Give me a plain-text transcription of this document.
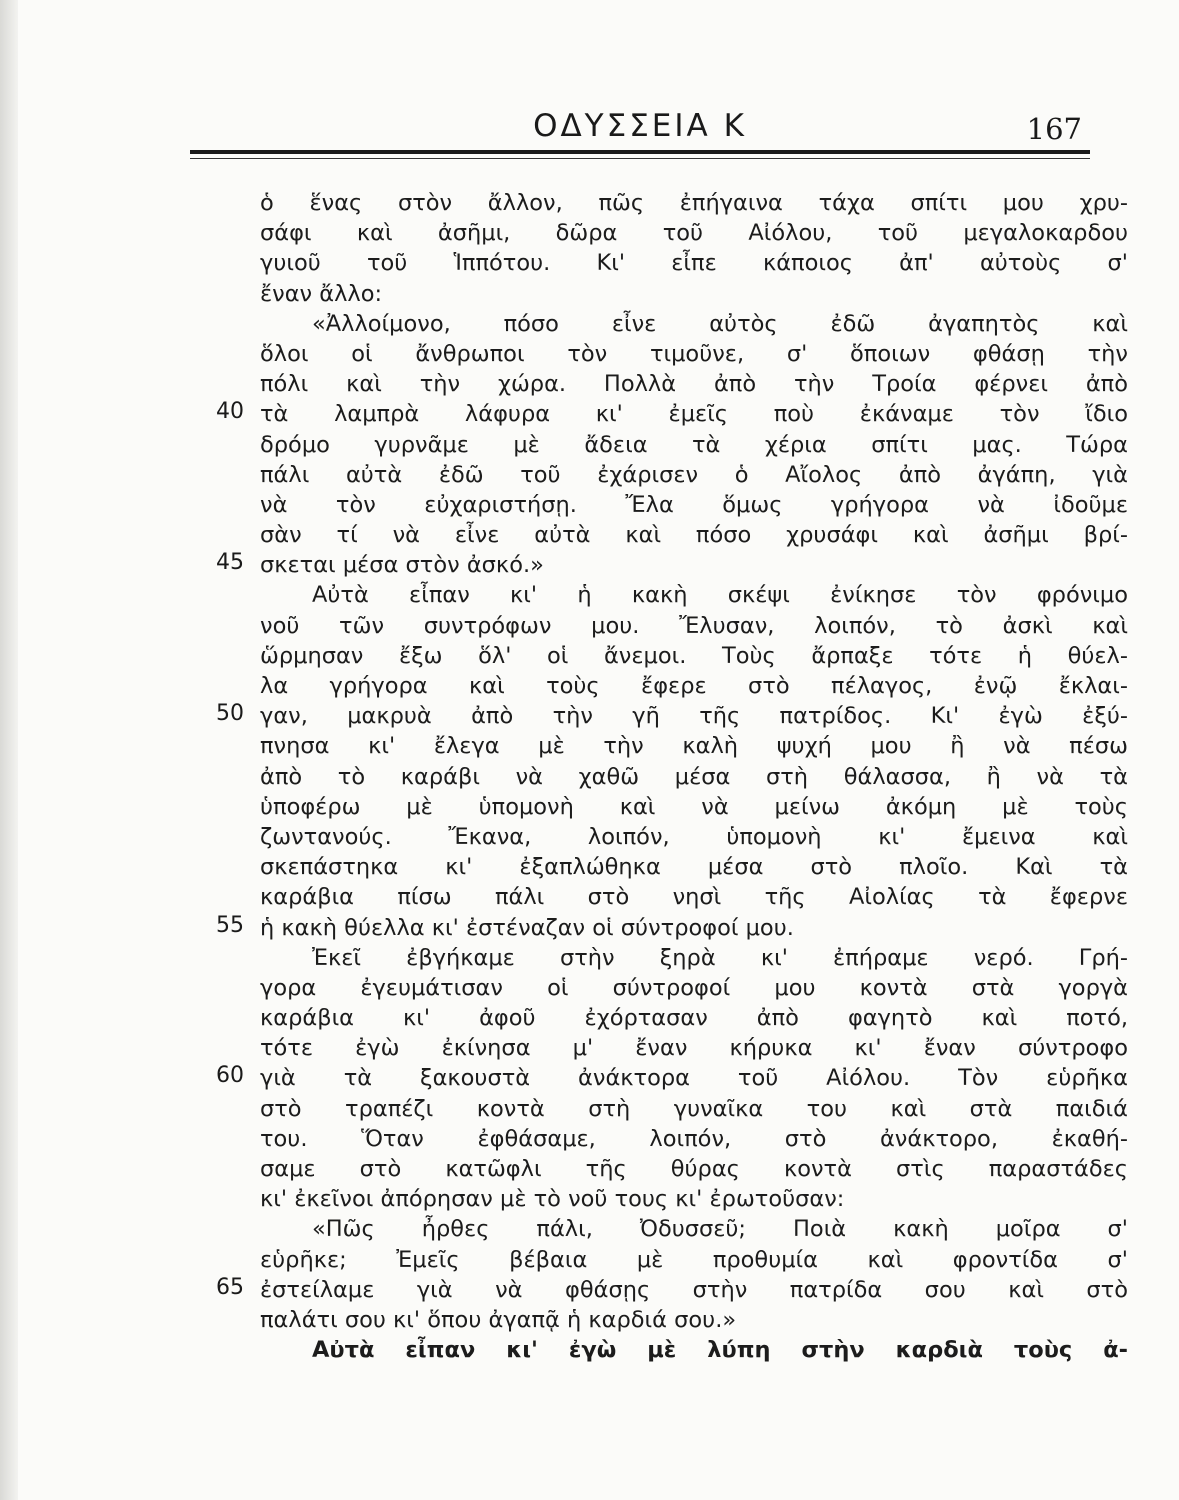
ΟΔΥΣΣΕΙΑ Κ	167
ὁ ἕνας στὸν ἄλλον, πῶς ἐπήγαινα τάχα σπίτι μου χρυ-
σάφι καὶ ἀσῆμι, δῶρα τοῦ Αἰόλου, τοῦ μεγαλοκαρδου
γυιοῦ τοῦ Ἱππότου. Κι' εἶπε κάποιος ἀπ' αὐτοὺς σ'
ἔναν ἄλλο:
«Ἀλλοίμονο, πόσο εἶνε αὐτὸς ἐδῶ ἀγαπητὸς καὶ
ὅλοι οἱ ἄνθρωποι τὸν τιμοῦνε, σ' ὅποιων φθάσῃ τὴν
πόλι καὶ τὴν χώρα. Πολλὰ ἀπὸ τὴν Τροία φέρνει ἀπὸ
40 τὰ λαμπρὰ λάφυρα κι' ἐμεῖς ποὺ ἐκάναμε τὸν ἴδιο
δρόμο γυρνᾶμε μὲ ἄδεια τὰ χέρια σπίτι μας. Τώρα
πάλι αὐτὰ ἐδῶ τοῦ ἐχάρισεν ὁ Αἴολος ἀπὸ ἀγάπη, γιὰ
νὰ τὸν εὐχαριστήσῃ. Ἔλα ὅμως γρήγορα νὰ ἰδοῦμε
σὰν τί νὰ εἶνε αὐτὰ καὶ πόσο χρυσάφι καὶ ἀσῆμι βρί-
45 σκεται μέσα στὸν ἀσκό.»
Αὐτὰ εἶπαν κι' ἡ κακὴ σκέψι ἐνίκησε τὸν φρόνιμο
νοῦ τῶν συντρόφων μου. Ἔλυσαν, λοιπόν, τὸ ἀσκὶ καὶ
ὥρμησαν ἔξω ὅλ' οἱ ἄνεμοι. Τοὺς ἄρπαξε τότε ἡ θύελ-
λα γρήγορα καὶ τοὺς ἔφερε στὸ πέλαγος, ἐνῷ ἔκλαι-
50 γαν, μακρυὰ ἀπὸ τὴν γῆ τῆς πατρίδος. Κι' ἐγὼ ἐξύ-
πνησα κι' ἔλεγα μὲ τὴν καλὴ ψυχή μου ἢ νὰ πέσω
ἀπὸ τὸ καράβι νὰ χαθῶ μέσα στὴ θάλασσα, ἢ νὰ τὰ
ὑποφέρω μὲ ὑπομονὴ καὶ νὰ μείνω ἀκόμη μὲ τοὺς
ζωντανούς. Ἔκανα, λοιπόν, ὑπομονὴ κι' ἔμεινα καὶ
σκεπάστηκα κι' ἐξαπλώθηκα μέσα στὸ πλοῖο. Καὶ τὰ
καράβια πίσω πάλι στὸ νησὶ τῆς Αἰολίας τὰ ἔφερνε
55 ἡ κακὴ θύελλα κι' ἐστέναζαν οἱ σύντροφοί μου.
Ἐκεῖ ἐβγήκαμε στὴν ξηρὰ κι' ἐπήραμε νερό. Γρή-
γορα ἐγευμάτισαν οἱ σύντροφοί μου κοντὰ στὰ γοργὰ
καράβια κι' ἀφοῦ ἐχόρτασαν ἀπὸ φαγητὸ καὶ ποτό,
τότε ἐγὼ ἐκίνησα μ' ἔναν κήρυκα κι' ἔναν σύντροφο
60 γιὰ τὰ ξακουστὰ ἀνάκτορα τοῦ Αἰόλου. Τὸν εὑρῆκα
στὸ τραπέζι κοντὰ στὴ γυναῖκα του καὶ στὰ παιδιά
του. Ὅταν ἐφθάσαμε, λοιπόν, στὸ ἀνάκτορο, ἐκαθή-
σαμε στὸ κατῶφλι τῆς θύρας κοντὰ στὶς παραστάδες
κι' ἐκεῖνοι ἀπόρησαν μὲ τὸ νοῦ τους κι' ἐρωτοῦσαν:
«Πῶς ἦρθες πάλι, Ὀδυσσεῦ; Ποιὰ κακὴ μοῖρα σ'
εὑρῆκε; Ἐμεῖς βέβαια μὲ προθυμία καὶ φροντίδα σ'
65 ἐστείλαμε γιὰ νὰ φθάσῃς στὴν πατρίδα σου καὶ στὸ
παλάτι σου κι' ὅπου ἀγαπᾷ ἡ καρδιά σου.»
Αὐτὰ εἶπαν κι' ἐγὼ μὲ λύπη στὴν καρδιὰ τοὺς ἀ-
